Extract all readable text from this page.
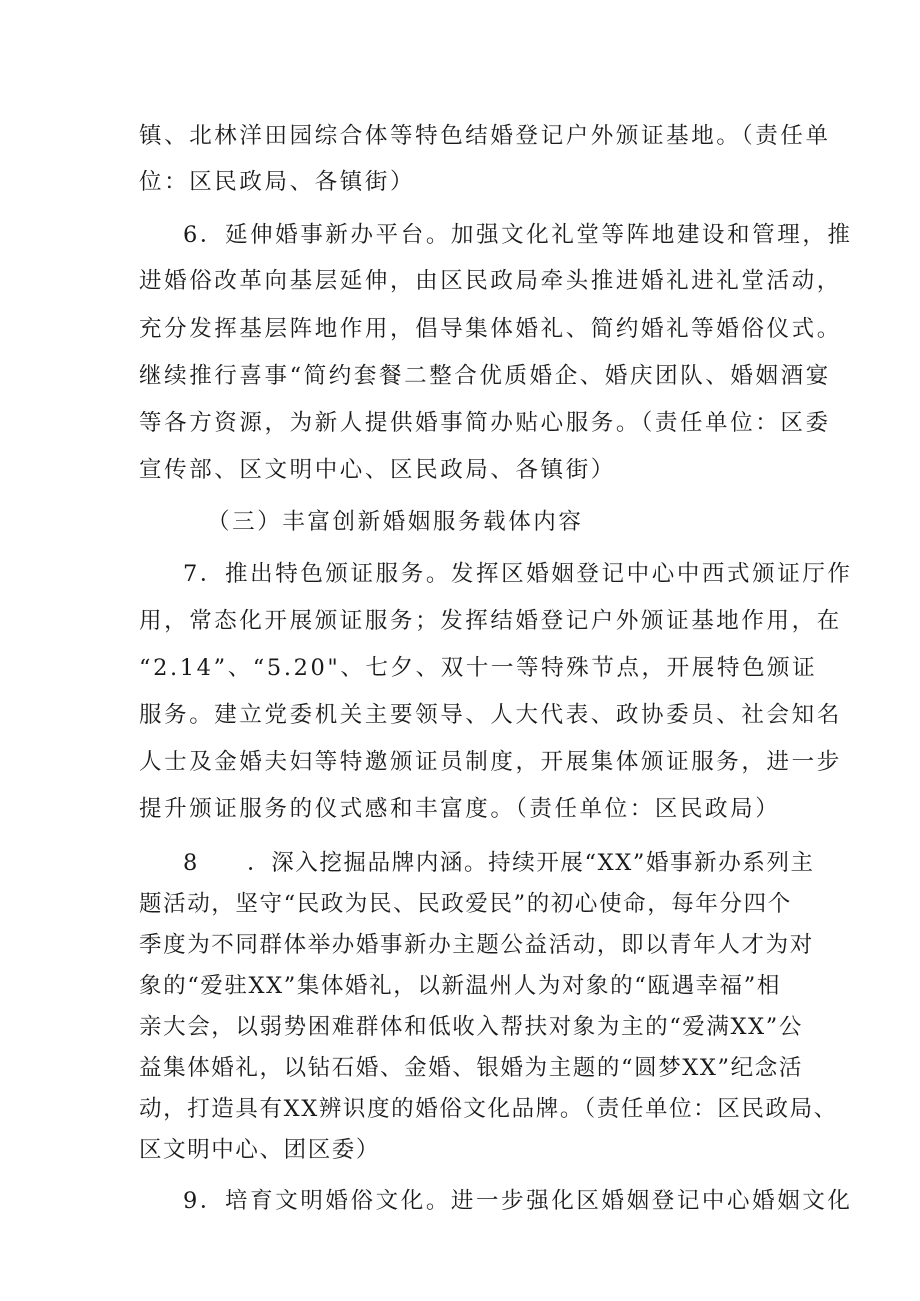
镇、北林洋田园综合体等特色结婚登记户外颁证基地。（责任单
位：区民政局、各镇街）
6．延伸婚事新办平台。加强文化礼堂等阵地建设和管理，推
进婚俗改革向基层延伸，由区民政局牵头推进婚礼进礼堂活动，
充分发挥基层阵地作用，倡导集体婚礼、简约婚礼等婚俗仪式。
继续推行喜事“简约套餐二整合优质婚企、婚庆团队、婚姻酒宴
等各方资源，为新人提供婚事简办贴心服务。（责任单位：区委
宣传部、区文明中心、区民政局、各镇街）
（三）丰富创新婚姻服务载体内容
7．推出特色颁证服务。发挥区婚姻登记中心中西式颁证厅作
用，常态化开展颁证服务；发挥结婚登记户外颁证基地作用，在
“2.14”、“5.20"、七夕、双十一等特殊节点，开展特色颁证
服务。建立党委机关主要领导、人大代表、政协委员、社会知名
人士及金婚夫妇等特邀颁证员制度，开展集体颁证服务，进一步
提升颁证服务的仪式感和丰富度。（责任单位：区民政局）
8　　．深入挖掘品牌内涵。持续开展“XX”婚事新办系列主
题活动，坚守“民政为民、民政爱民”的初心使命，每年分四个
季度为不同群体举办婚事新办主题公益活动，即以青年人才为对
象的“爱驻XX”集体婚礼，以新温州人为对象的“瓯遇幸福”相
亲大会，以弱势困难群体和低收入帮扶对象为主的“爱满XX”公
益集体婚礼，以钻石婚、金婚、银婚为主题的“圆梦XX”纪念活
动，打造具有XX辨识度的婚俗文化品牌。（责任单位：区民政局、
区文明中心、团区委）
9．培育文明婚俗文化。进一步强化区婚姻登记中心婚姻文化
